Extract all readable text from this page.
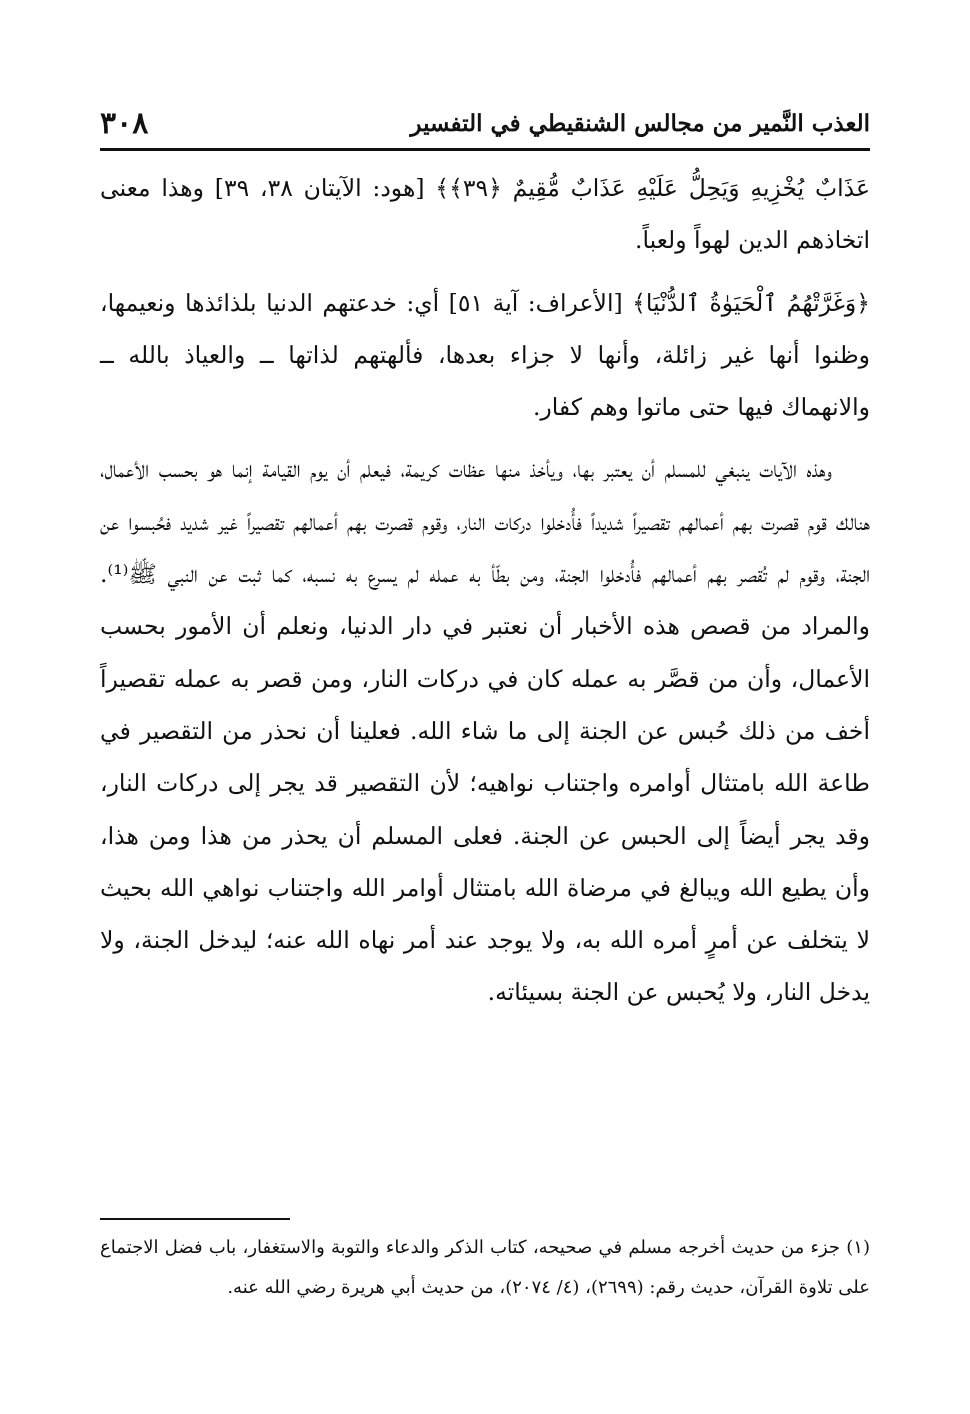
٣٠٨	العذب النَّمير من مجالس الشنقيطي في التفسير

عَذَابٌ يُخْزِيهِ وَيَحِلُّ عَلَيْهِ عَذَابٌ مُّقِيمٌ ﴿٣٩﴾﴾ [هود: الآيتان ٣٨، ٣٩] وهذا معنى اتخاذهم الدين لهواً ولعباً.

﴿وَغَرَّتْهُمُ ٱلْحَيَوٰةُ ٱلدُّنْيَا﴾ [الأعراف: آية ٥١] أي: خدعتهم الدنيا بلذائذها ونعيمها، وظنوا أنها غير زائلة، وأنها لا جزاء بعدها، فألهتهم لذاتها ــ والعياذ بالله ــ والانهماك فيها حتى ماتوا وهم كفار.

وهذه الآيات ينبغي للمسلم أن يعتبر بها، ويأخذ منها عظات كريمة، فيعلم أن يوم القيامة إنما هو بحسب الأعمال، هنالك قوم قصرت بهم أعمالهم تقصيراً شديداً فأُدخلوا دركات النار، وقوم قصرت بهم أعمالهم تقصيراً غير شديد فحُبسوا عن الجنة، وقوم لم تُقصر بهم أعمالهم فأُدخلوا الجنة، ومن بطّأ به عمله لم يسرع به نسبه، كما ثبت عن النبي ﷺ⁽¹⁾. والمراد من قصص هذه الأخبار أن نعتبر في دار الدنيا، ونعلم أن الأمور بحسب الأعمال، وأن من قصَّر به عمله كان في دركات النار، ومن قصر به عمله تقصيراً أخف من ذلك حُبس عن الجنة إلى ما شاء الله. فعلينا أن نحذر من التقصير في طاعة الله بامتثال أوامره واجتناب نواهيه؛ لأن التقصير قد يجر إلى دركات النار، وقد يجر أيضاً إلى الحبس عن الجنة. فعلى المسلم أن يحذر من هذا ومن هذا، وأن يطيع الله ويبالغ في مرضاة الله بامتثال أوامر الله واجتناب نواهي الله بحيث لا يتخلف عن أمرٍ أمره الله به، ولا يوجد عند أمر نهاه الله عنه؛ ليدخل الجنة، ولا يدخل النار، ولا يُحبس عن الجنة بسيئاته.

(١) جزء من حديث أخرجه مسلم في صحيحه، كتاب الذكر والدعاء والتوبة والاستغفار، باب فضل الاجتماع على تلاوة القرآن، حديث رقم: (٢٦٩٩)، (٤/ ٢٠٧٤)، من حديث أبي هريرة رضي الله عنه.
